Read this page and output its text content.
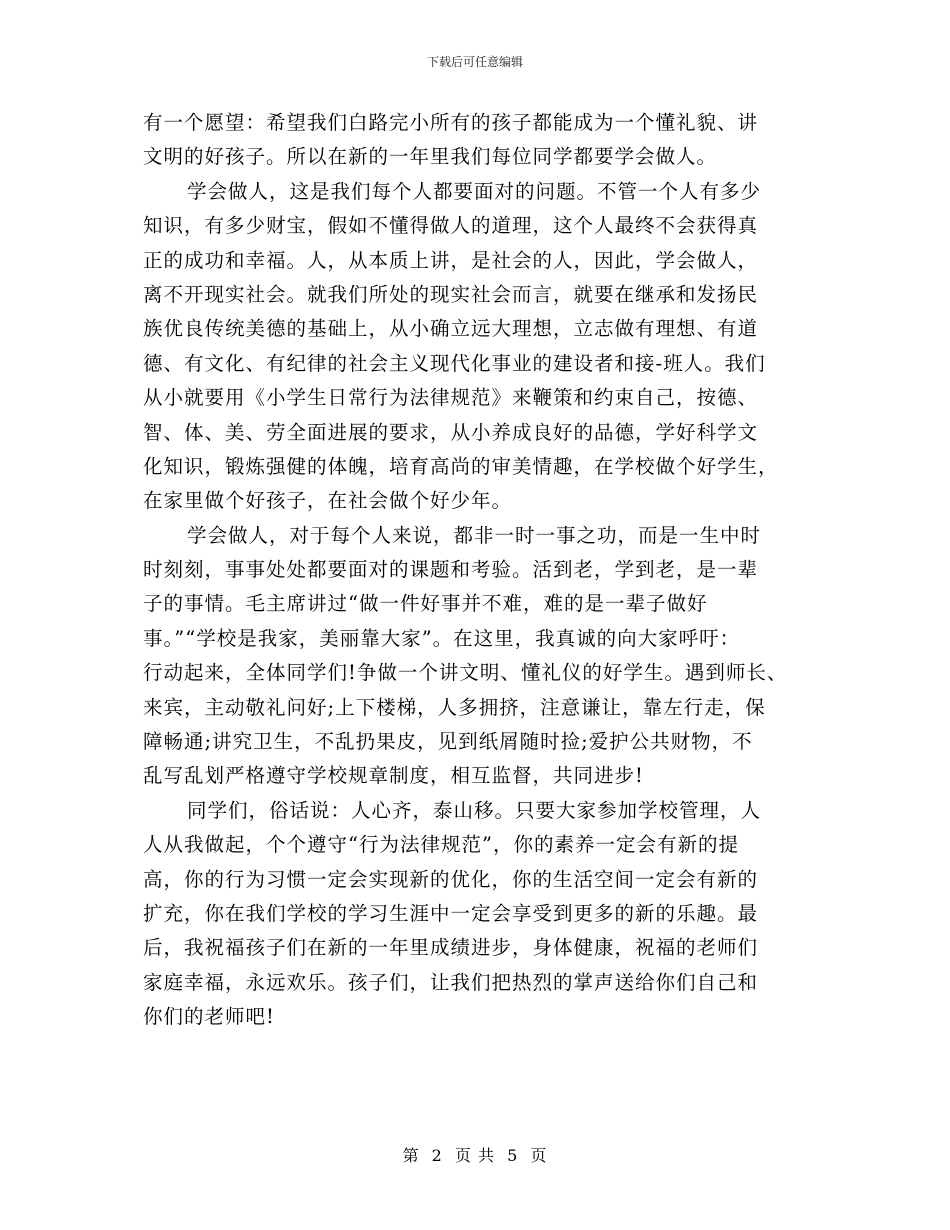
下载后可任意编辑
有一个愿望：希望我们白路完小所有的孩子都能成为一个懂礼貌、讲
文明的好孩子。所以在新的一年里我们每位同学都要学会做人。
学会做人，这是我们每个人都要面对的问题。不管一个人有多少
知识，有多少财宝，假如不懂得做人的道理，这个人最终不会获得真
正的成功和幸福。人，从本质上讲，是社会的人，因此，学会做人，
离不开现实社会。就我们所处的现实社会而言，就要在继承和发扬民
族优良传统美德的基础上，从小确立远大理想，立志做有理想、有道
德、有文化、有纪律的社会主义现代化事业的建设者和接-班人。我们
从小就要用《小学生日常行为法律规范》来鞭策和约束自己，按德、
智、体、美、劳全面进展的要求，从小养成良好的品德，学好科学文
化知识，锻炼强健的体魄，培育高尚的审美情趣，在学校做个好学生，
在家里做个好孩子，在社会做个好少年。
学会做人，对于每个人来说，都非一时一事之功，而是一生中时
时刻刻，事事处处都要面对的课题和考验。活到老，学到老，是一辈
子的事情。毛主席讲过“做一件好事并不难，难的是一辈子做好
事。”“学校是我家，美丽靠大家”。在这里，我真诚的向大家呼吁：
行动起来，全体同学们!争做一个讲文明、懂礼仪的好学生。遇到师长、
来宾，主动敬礼问好;上下楼梯，人多拥挤，注意谦让，靠左行走，保
障畅通;讲究卫生，不乱扔果皮，见到纸屑随时捡;爱护公共财物，不
乱写乱划严格遵守学校规章制度，相互监督，共同进步!
同学们，俗话说：人心齐，泰山移。只要大家参加学校管理，人
人从我做起，个个遵守“行为法律规范”，你的素养一定会有新的提
高，你的行为习惯一定会实现新的优化，你的生活空间一定会有新的
扩充，你在我们学校的学习生涯中一定会享受到更多的新的乐趣。最
后，我祝福孩子们在新的一年里成绩进步，身体健康，祝福的老师们
家庭幸福，永远欢乐。孩子们，让我们把热烈的掌声送给你们自己和
你们的老师吧!
第 2 页 共 5 页
